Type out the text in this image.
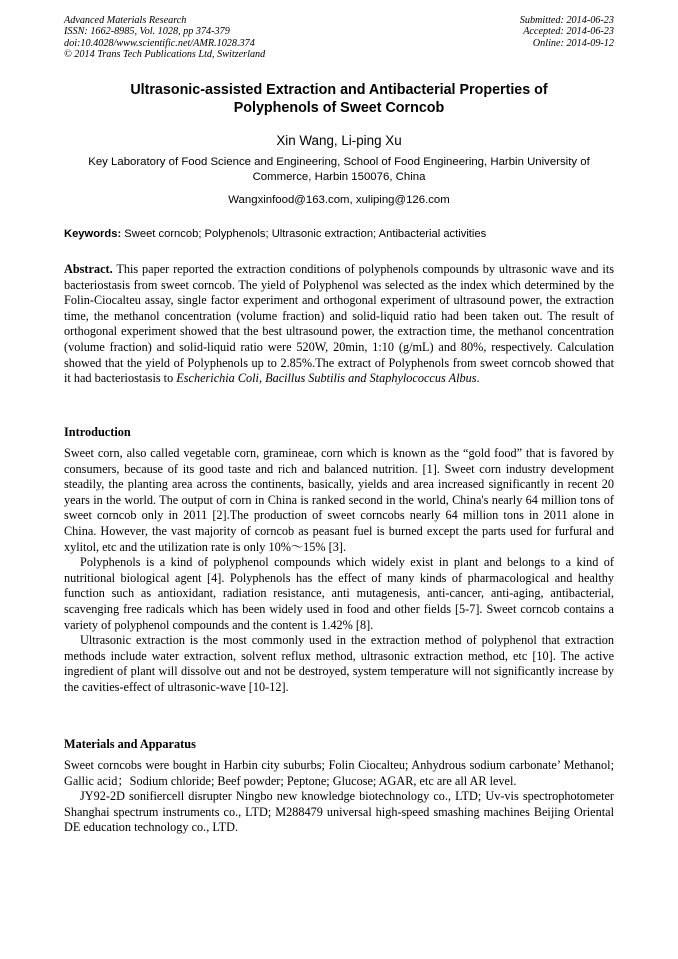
Advanced Materials Research
ISSN: 1662-8985, Vol. 1028, pp 374-379
doi:10.4028/www.scientific.net/AMR.1028.374
© 2014 Trans Tech Publications Ltd, Switzerland
Submitted: 2014-06-23
Accepted: 2014-06-23
Online: 2014-09-12
Ultrasonic-assisted Extraction and Antibacterial Properties of
Polyphenols of Sweet Corncob
Xin Wang, Li-ping Xu
Key Laboratory of Food Science and Engineering, School of Food Engineering, Harbin University of Commerce, Harbin 150076, China
Wangxinfood@163.com, xuliping@126.com
Keywords: Sweet corncob; Polyphenols; Ultrasonic extraction; Antibacterial activities

Abstract. This paper reported the extraction conditions of polyphenols compounds by ultrasonic wave and its bacteriostasis from sweet corncob. The yield of Polyphenol was selected as the index which determined by the Folin-Ciocalteu assay, single factor experiment and orthogonal experiment of ultrasound power, the extraction time, the methanol concentration (volume fraction) and solid-liquid ratio had been taken out. The result of orthogonal experiment showed that the best ultrasound power, the extraction time, the methanol concentration (volume fraction) and solid-liquid ratio were 520W, 20min, 1:10 (g/mL) and 80%, respectively. Calculation showed that the yield of Polyphenols up to 2.85%.The extract of Polyphenols from sweet corncob showed that it had bacteriostasis to Escherichia Coli, Bacillus Subtilis and Staphylococcus Albus.

Introduction

Sweet corn, also called vegetable corn, gramineae, corn which is known as the “gold food” that is favored by consumers, because of its good taste and rich and balanced nutrition. [1]. Sweet corn industry development steadily, the planting area across the continents, basically, yields and area increased significantly in recent 20 years in the world. The output of corn in China is ranked second in the world, China's nearly 64 million tons of sweet corncob only in 2011 [2].The production of sweet corncobs nearly 64 million tons in 2011 alone in China. However, the vast majority of corncob as peasant fuel is burned except the parts used for furfural and xylitol, etc and the utilization rate is only 10%～15% [3].

Polyphenols is a kind of polyphenol compounds which widely exist in plant and belongs to a kind of nutritional biological agent [4]. Polyphenols has the effect of many kinds of pharmacological and healthy function such as antioxidant, radiation resistance, anti mutagenesis, anti-cancer, anti-aging, antibacterial, scavenging free radicals which has been widely used in food and other fields [5-7]. Sweet corncob contains a variety of polyphenol compounds and the content is 1.42% [8].

Ultrasonic extraction is the most commonly used in the extraction method of polyphenol that extraction methods include water extraction, solvent reflux method, ultrasonic extraction method, etc [10]. The active ingredient of plant will dissolve out and not be destroyed, system temperature will not significantly increase by the cavities-effect of ultrasonic-wave [10-12].

Materials and Apparatus

Sweet corncobs were bought in Harbin city suburbs; Folin Ciocalteu; Anhydrous sodium carbonate’ Methanol; Gallic acid；Sodium chloride; Beef powder; Peptone; Glucose; AGAR, etc are all AR level.

JY92-2D sonifiercell disrupter Ningbo new knowledge biotechnology co., LTD; Uv-vis spectrophotometer Shanghai spectrum instruments co., LTD; M288479 universal high-speed smashing machines Beijing Oriental DE education technology co., LTD.
